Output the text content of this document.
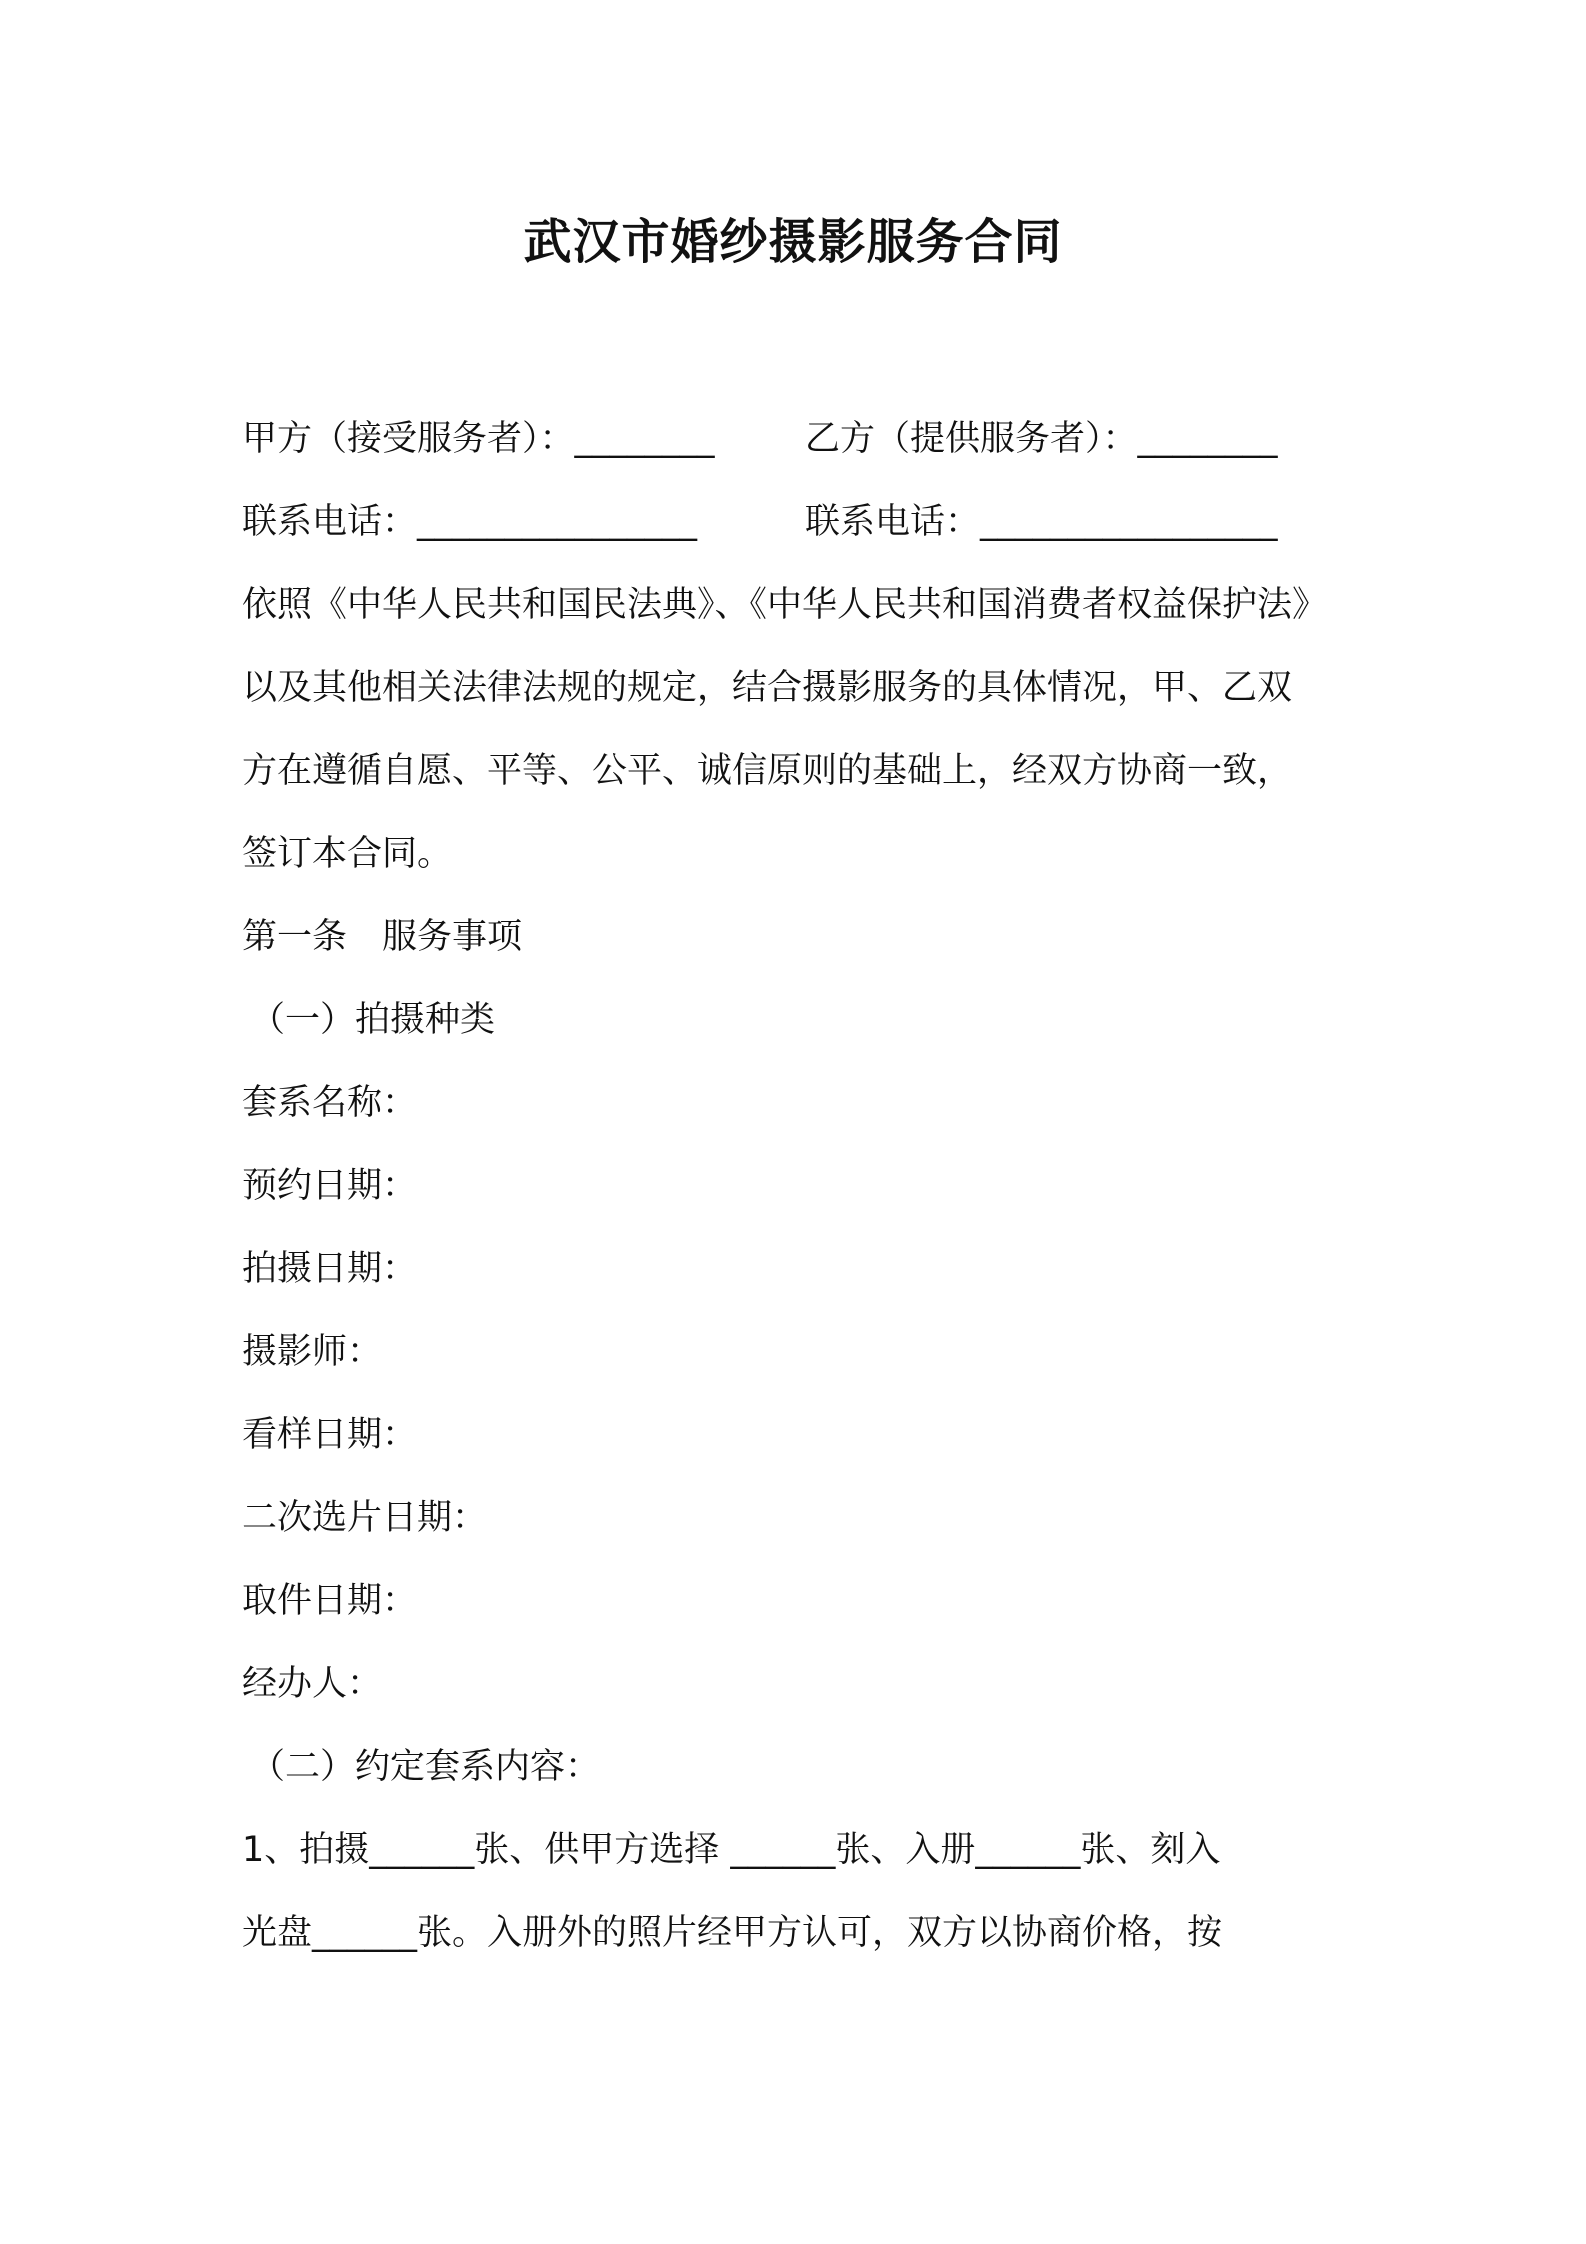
武汉市婚纱摄影服务合同
甲方（接受服务者）：________	乙方（提供服务者）：________
联系电话：________________	联系电话：_________________
依照《中华人民共和国民法典》、《中华人民共和国消费者权益保护法》
以及其他相关法律法规的规定，结合摄影服务的具体情况，甲、乙双
方在遵循自愿、平等、公平、诚信原则的基础上，经双方协商一致，
签订本合同。
第一条　服务事项
（一）拍摄种类
套系名称：
预约日期：
拍摄日期：
摄影师：
看样日期：
二次选片日期：
取件日期：
经办人：
（二）约定套系内容：
1、拍摄______张、供甲方选择 ______张、入册______张、刻入
光盘______张。入册外的照片经甲方认可，双方以协商价格，按
